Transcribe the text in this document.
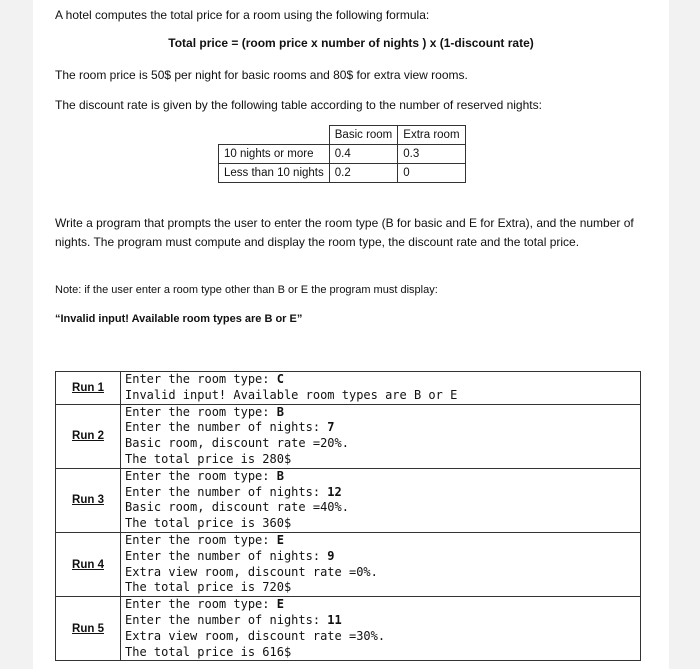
A hotel computes the total price for a room using the following formula:

Total price = (room price x number of nights ) x (1-discount rate)

The room price is 50$ per night for basic rooms and 80$ for extra view rooms.

The discount rate is given by the following table according to the number of reserved nights:

	Basic room	Extra room
10 nights or more	0.4	0.3
Less than 10 nights	0.2	0

Write a program that prompts the user to enter the room type (B for basic and E for Extra), and the number of nights. The program must compute and display the room type, the discount rate and the total price.

Note: if the user enter a room type other than B or E the program must display:

“Invalid input! Available room types are B or E”

Run 1	Enter the room type: C
Invalid input! Available room types are B or E

Run 2	Enter the room type: B
Enter the number of nights: 7
Basic room, discount rate =20%.
The total price is 280$

Run 3	Enter the room type: B
Enter the number of nights: 12
Basic room, discount rate =40%.
The total price is 360$

Run 4	Enter the room type: E
Enter the number of nights: 9
Extra view room, discount rate =0%.
The total price is 720$

Run 5	Enter the room type: E
Enter the number of nights: 11
Extra view room, discount rate =30%.
The total price is 616$
